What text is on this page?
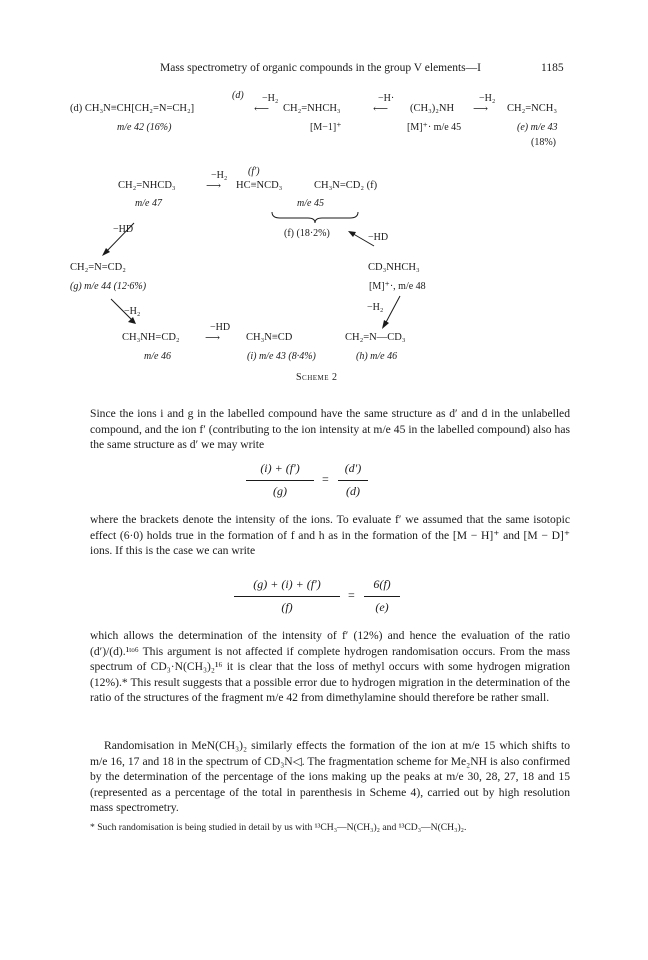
Mass spectrometry of organic compounds in the group V elements—I	1185
(d)
(d) CH₃N≡CH[CH₂=N=CH₂]
−H₂
⟵ CH₂=NHCH₃
−H·
⟵ (CH₃)₂NH
−H₂
⟶ CH₂=NCH₃
m/e 42 (16%)	[M−1]⁺	[M]⁺· m/e 45	(e) m/e 43
(18%)
(f′)
CH₂=NHCD₃
−H₂
⟶ HC≡NCD₃	CH₃N=CD₂ (f)
m/e 47	m/e 45
(f) (18·2%)
−HD
−HD
CH₂=N=CD₂
(g) m/e 44 (12·6%)
CD₃NHCH₃
[M]⁺·, m/e 48
−H₂	−H₂
CH₃NH=CD₂
−HD
⟶ CH₃N≡CD	CH₂=N—CD₃
m/e 46	(i) m/e 43 (8·4%)	(h) m/e 46
Scheme 2
Since the ions i and g in the labelled compound have the same structure as d′ and d in the unlabelled compound, and the ion f′ (contributing to the ion intensity at m/e 45 in the labelled compound) also has the same structure as d′ we may write
(i) + (f′)
(g)
=
(d′)
(d)
where the brackets denote the intensity of the ions. To evaluate f′ we assumed that the same isotopic effect (6·0) holds true in the formation of f and h as in the formation of the [M − H]⁺ and [M − D]⁺ ions. If this is the case we can write
(g) + (i) + (f′)
(f)
=
6(f)
(e)
which allows the determination of the intensity of f′ (12%) and hence the evaluation of the ratio (d′)/(d).¹ᵗᵒ⁶ This argument is not affected if complete hydrogen randomisation occurs. From the mass spectrum of CD₃·N(CH₃)₂¹⁶ it is clear that the loss of methyl occurs with some hydrogen migration (12%).* This result suggests that a possible error due to hydrogen migration in the determination of the ratio of the structures of the fragment m/e 42 from dimethylamine should therefore be rather small.
Randomisation in MeN(CH₃)₂ similarly effects the formation of the ion at m/e 15 which shifts to m/e 16, 17 and 18 in the spectrum of CD₃N◁. The fragmentation scheme for Me₂NH is also confirmed by the determination of the percentage of the ions making up the peaks at m/e 30, 28, 27, 18 and 15 (represented as a percentage of the total in parenthesis in Scheme 4), carried out by high resolution mass spectrometry.
* Such randomisation is being studied in detail by us with ¹³CH₃—N(CH₃)₂ and ¹³CD₃—N(CH₃)₂.
